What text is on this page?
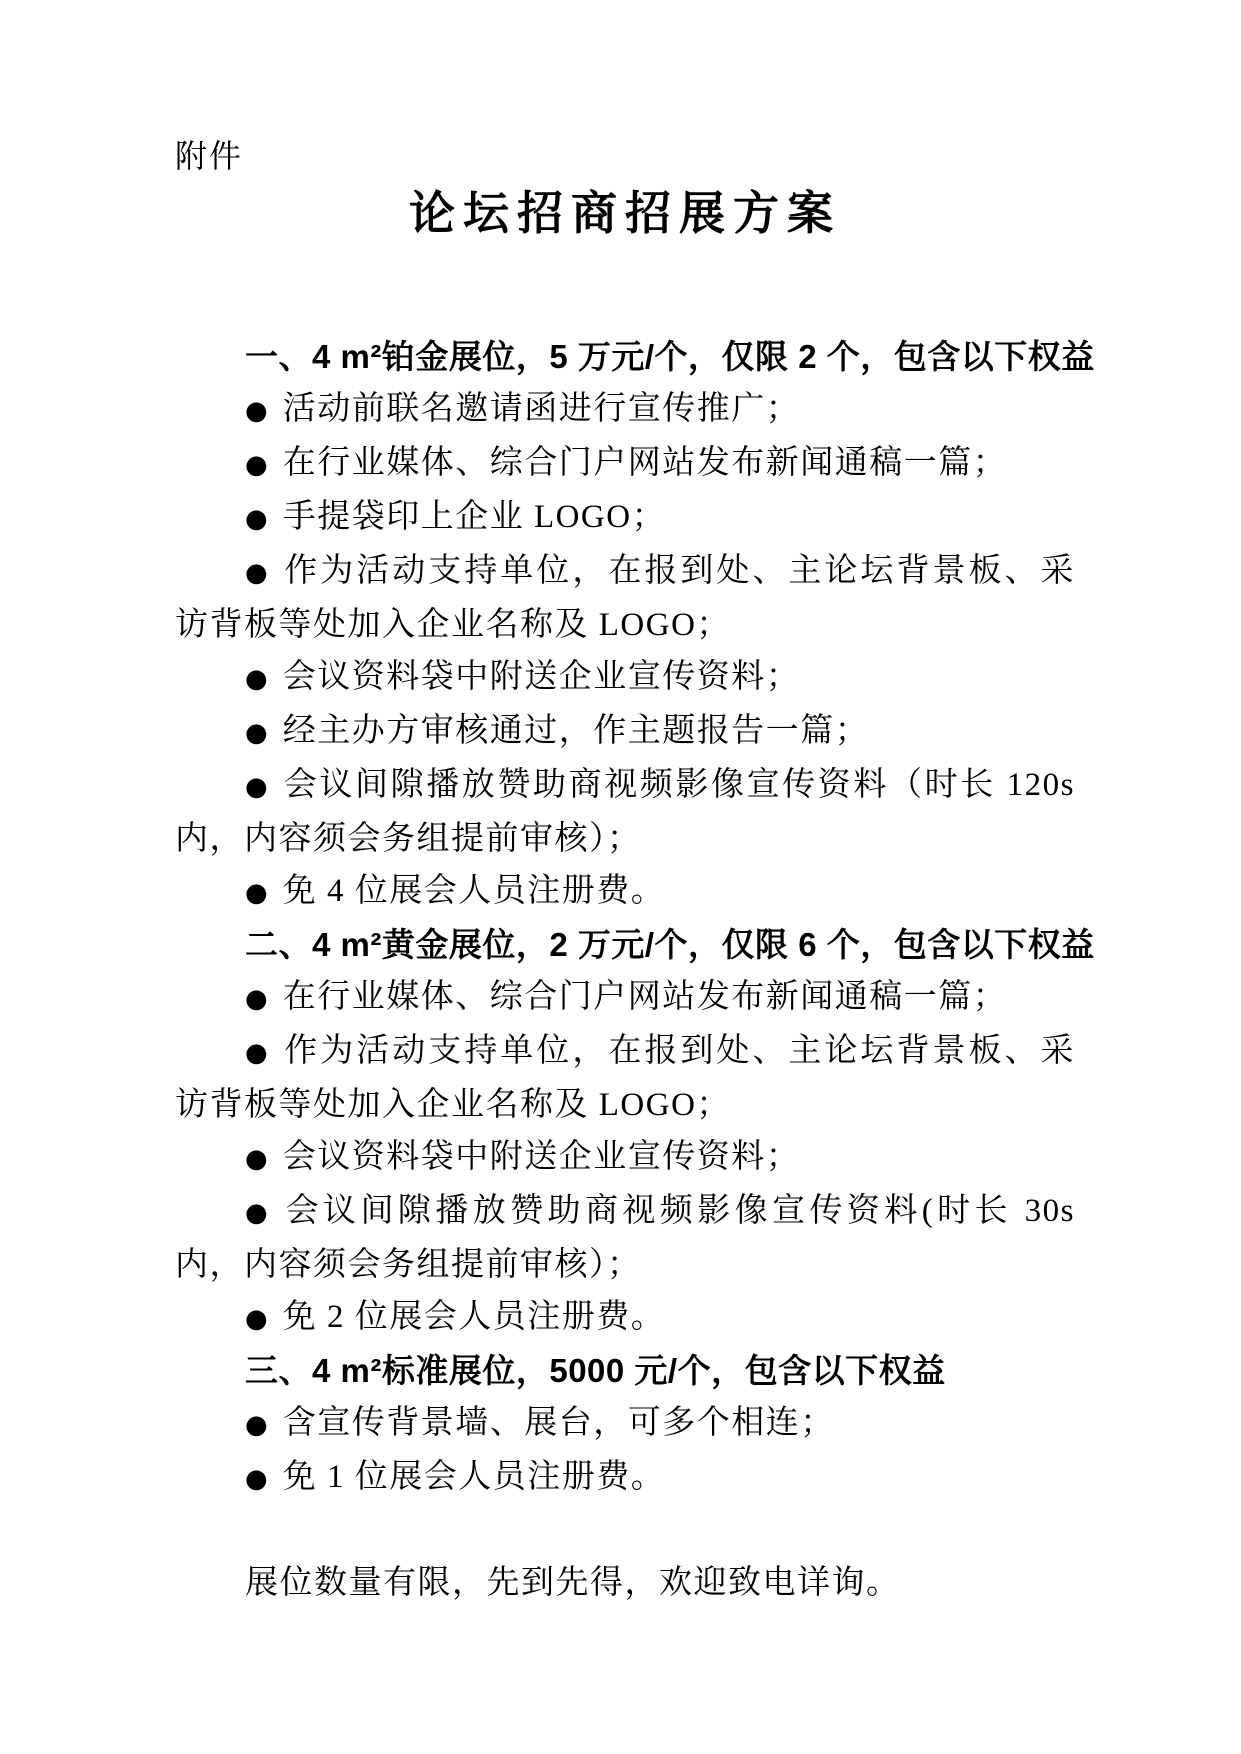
附件
论坛招商招展方案
一、4 m²铂金展位，5 万元/个，仅限 2 个，包含以下权益

● 活动前联名邀请函进行宣传推广；

● 在行业媒体、综合门户网站发布新闻通稿一篇；

● 手提袋印上企业 LOGO；

● 作为活动支持单位，在报到处、主论坛背景板、采访背板等处加入企业名称及 LOGO；

● 会议资料袋中附送企业宣传资料；

● 经主办方审核通过，作主题报告一篇；

● 会议间隙播放赞助商视频影像宣传资料（时长 120s 内，内容须会务组提前审核）；

● 免 4 位展会人员注册费。

二、4 m²黄金展位，2 万元/个，仅限 6 个，包含以下权益

● 在行业媒体、综合门户网站发布新闻通稿一篇；

● 作为活动支持单位，在报到处、主论坛背景板、采访背板等处加入企业名称及 LOGO；

● 会议资料袋中附送企业宣传资料；

● 会议间隙播放赞助商视频影像宣传资料(时长 30s 内，内容须会务组提前审核）；

● 免 2 位展会人员注册费。

三、4 m²标准展位，5000 元/个，包含以下权益

● 含宣传背景墙、展台，可多个相连；

● 免 1 位展会人员注册费。

展位数量有限，先到先得，欢迎致电详询。
